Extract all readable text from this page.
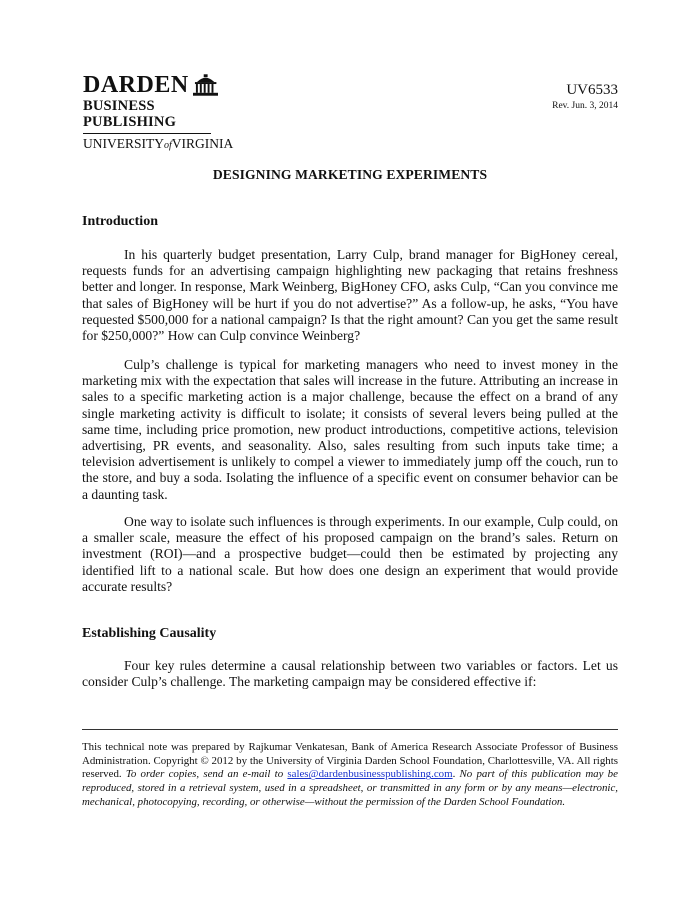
DARDEN
BUSINESS PUBLISHING
UNIVERSITYofVIRGINIA
UV6533
Rev. Jun. 3, 2014
DESIGNING MARKETING EXPERIMENTS
Introduction
In his quarterly budget presentation, Larry Culp, brand manager for BigHoney cereal, requests funds for an advertising campaign highlighting new packaging that retains freshness better and longer. In response, Mark Weinberg, BigHoney CFO, asks Culp, “Can you convince me that sales of BigHoney will be hurt if you do not advertise?” As a follow-up, he asks, “You have requested $500,000 for a national campaign? Is that the right amount? Can you get the same result for $250,000?” How can Culp convince Weinberg?
Culp’s challenge is typical for marketing managers who need to invest money in the marketing mix with the expectation that sales will increase in the future. Attributing an increase in sales to a specific marketing action is a major challenge, because the effect on a brand of any single marketing activity is difficult to isolate; it consists of several levers being pulled at the same time, including price promotion, new product introductions, competitive actions, television advertising, PR events, and seasonality. Also, sales resulting from such inputs take time; a television advertisement is unlikely to compel a viewer to immediately jump off the couch, run to the store, and buy a soda. Isolating the influence of a specific event on consumer behavior can be a daunting task.
One way to isolate such influences is through experiments. In our example, Culp could, on a smaller scale, measure the effect of his proposed campaign on the brand’s sales. Return on investment (ROI)—and a prospective budget—could then be estimated by projecting any identified lift to a national scale. But how does one design an experiment that would provide accurate results?
Establishing Causality
Four key rules determine a causal relationship between two variables or factors. Let us consider Culp’s challenge. The marketing campaign may be considered effective if:
This technical note was prepared by Rajkumar Venkatesan, Bank of America Research Associate Professor of Business Administration. Copyright © 2012 by the University of Virginia Darden School Foundation, Charlottesville, VA. All rights reserved. To order copies, send an e-mail to sales@dardenbusinesspublishing.com. No part of this publication may be reproduced, stored in a retrieval system, used in a spreadsheet, or transmitted in any form or by any means—electronic, mechanical, photocopying, recording, or otherwise—without the permission of the Darden School Foundation.
